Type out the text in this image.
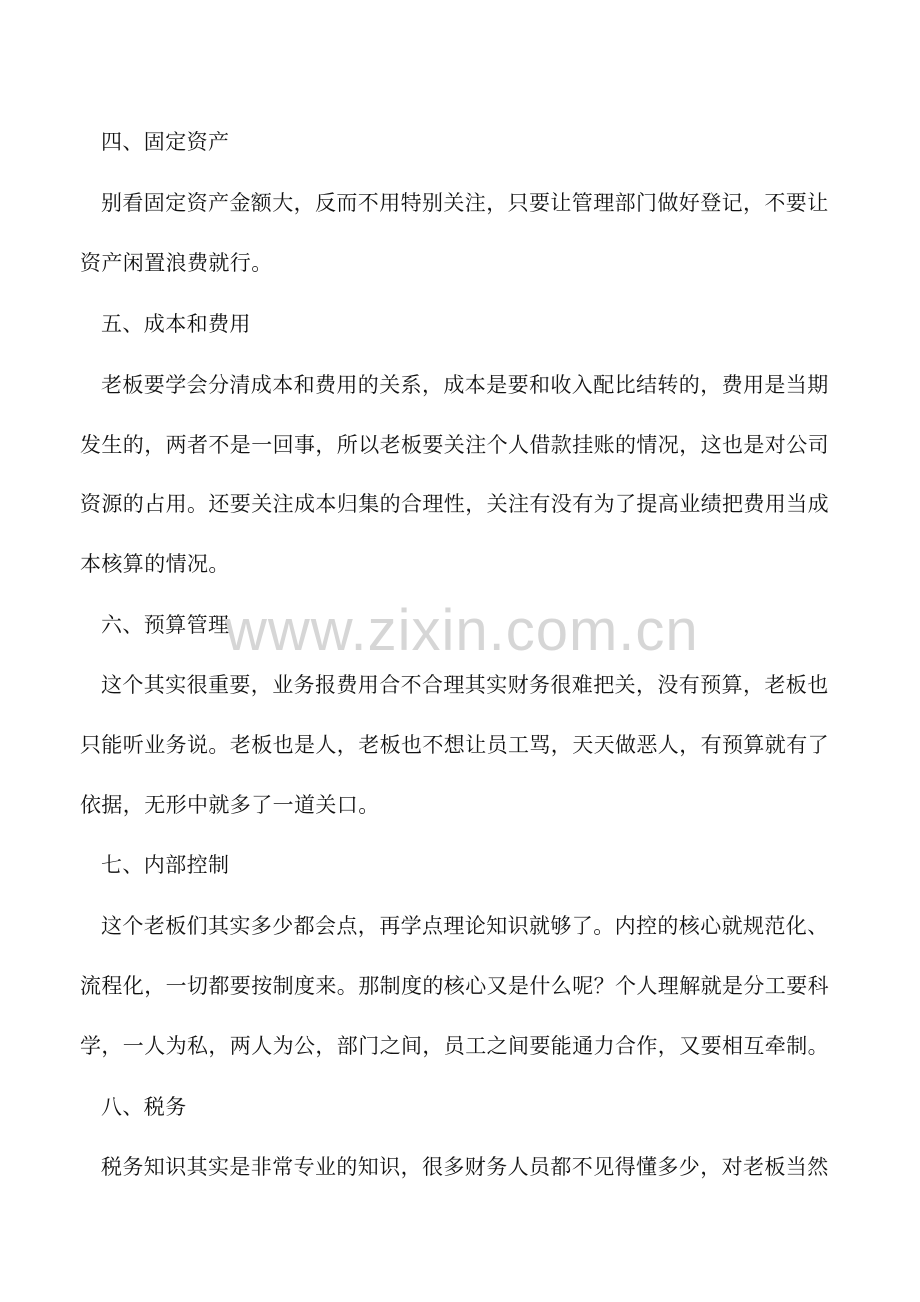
四、固定资产
别看固定资产金额大，反而不用特别关注，只要让管理部门做好登记，不要让
资产闲置浪费就行。
五、成本和费用
老板要学会分清成本和费用的关系，成本是要和收入配比结转的，费用是当期
发生的，两者不是一回事，所以老板要关注个人借款挂账的情况，这也是对公司
资源的占用。还要关注成本归集的合理性，关注有没有为了提高业绩把费用当成
本核算的情况。
六、预算管理
这个其实很重要，业务报费用合不合理其实财务很难把关，没有预算，老板也
只能听业务说。老板也是人，老板也不想让员工骂，天天做恶人，有预算就有了
依据，无形中就多了一道关口。
七、内部控制
这个老板们其实多少都会点，再学点理论知识就够了。内控的核心就规范化、
流程化，一切都要按制度来。那制度的核心又是什么呢？个人理解就是分工要科
学，一人为私，两人为公，部门之间，员工之间要能通力合作，又要相互牵制。
八、税务
税务知识其实是非常专业的知识，很多财务人员都不见得懂多少，对老板当然
www.zixin.com.cn
